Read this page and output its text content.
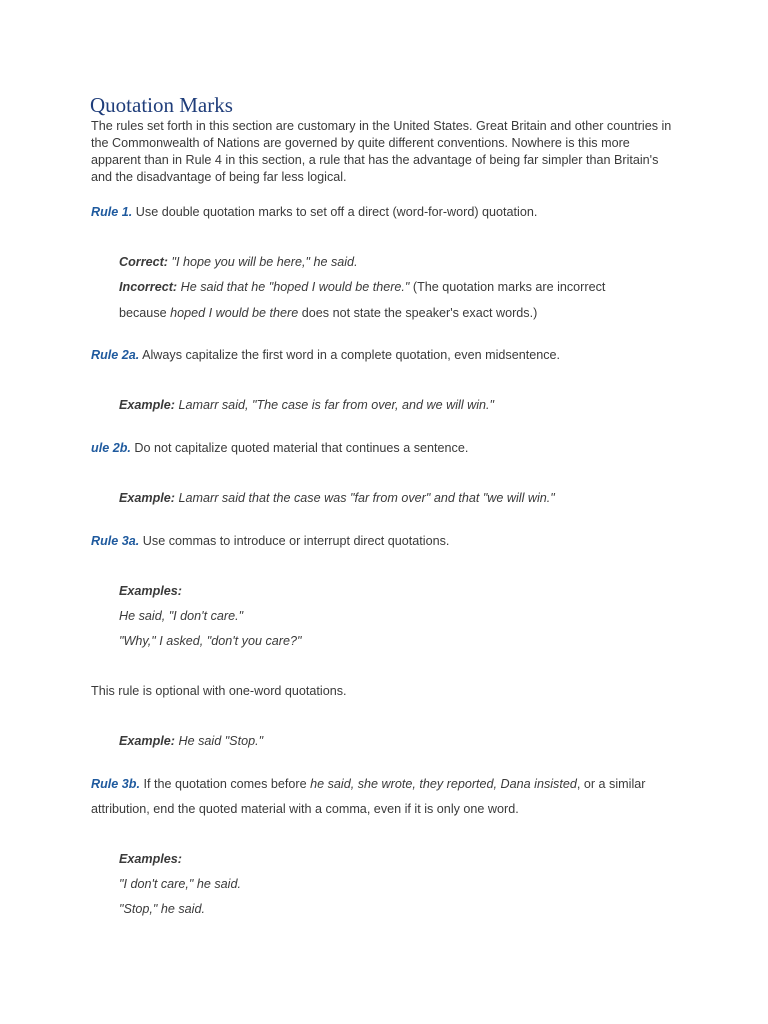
Quotation Marks

The rules set forth in this section are customary in the United States. Great Britain and other countries in the Commonwealth of Nations are governed by quite different conventions. Nowhere is this more apparent than in Rule 4 in this section, a rule that has the advantage of being far simpler than Britain's and the disadvantage of being far less logical.

Rule 1. Use double quotation marks to set off a direct (word-for-word) quotation.

Correct: "I hope you will be here," he said.

Incorrect: He said that he "hoped I would be there." (The quotation marks are incorrect

because hoped I would be there does not state the speaker's exact words.)

Rule 2a. Always capitalize the first word in a complete quotation, even midsentence.

Example: Lamarr said, "The case is far from over, and we will win."

ule 2b. Do not capitalize quoted material that continues a sentence.

Example: Lamarr said that the case was "far from over" and that "we will win."

Rule 3a. Use commas to introduce or interrupt direct quotations.

Examples:

He said, "I don't care."

"Why," I asked, "don't you care?"

This rule is optional with one-word quotations.

Example: He said "Stop."

Rule 3b. If the quotation comes before he said, she wrote, they reported, Dana insisted, or a similar

attribution, end the quoted material with a comma, even if it is only one word.

Examples:

"I don't care," he said.

"Stop," he said.
